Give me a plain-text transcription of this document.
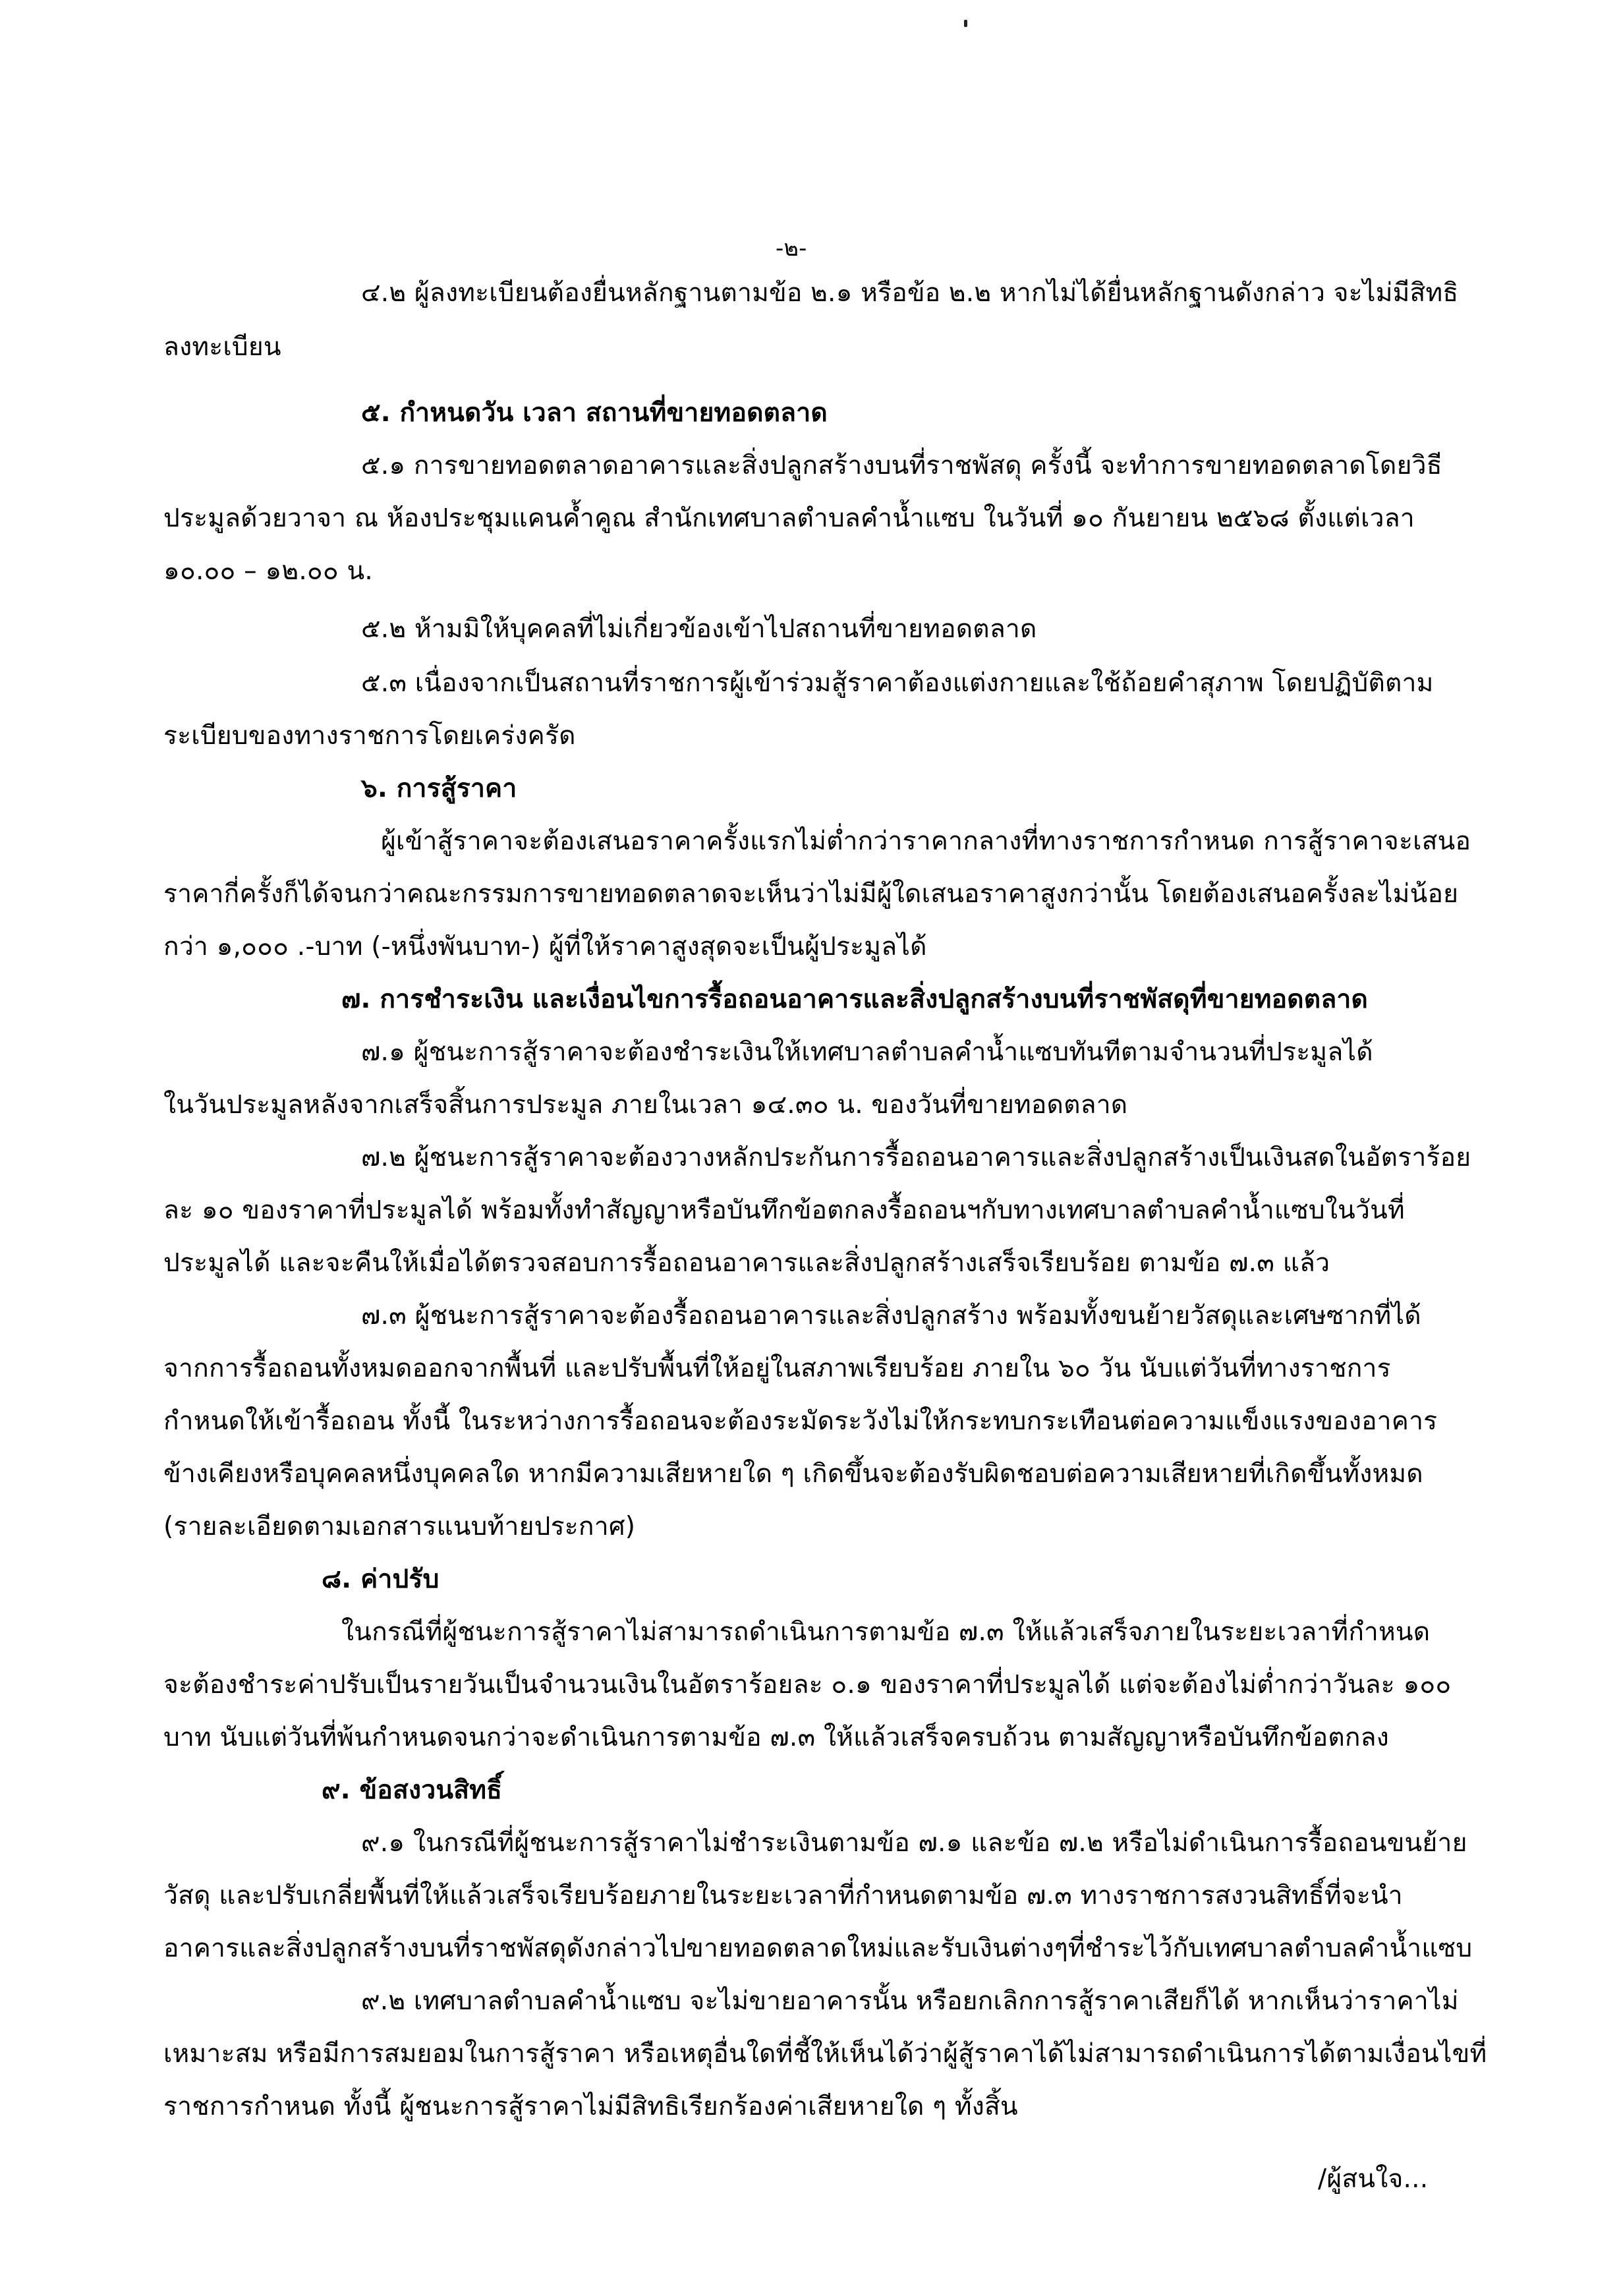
-๒-

๔.๒ ผู้ลงทะเบียนต้องยื่นหลักฐานตามข้อ ๒.๑ หรือข้อ ๒.๒ หากไม่ได้ยื่นหลักฐานดังกล่าว จะไม่มีสิทธิ

ลงทะเบียน

๕. กำหนดวัน เวลา สถานที่ขายทอดตลาด

๕.๑ การขายทอดตลาดอาคารและสิ่งปลูกสร้างบนที่ราชพัสดุ ครั้งนี้ จะทำการขายทอดตลาดโดยวิธี

ประมูลด้วยวาจา ณ ห้องประชุมแคนค้ำคูณ สำนักเทศบาลตำบลคำน้ำแซบ ในวันที่ ๑๐ กันยายน ๒๕๖๘ ตั้งแต่เวลา

๑๐.๐๐ – ๑๒.๐๐ น.

๕.๒ ห้ามมิให้บุคคลที่ไม่เกี่ยวข้องเข้าไปสถานที่ขายทอดตลาด

๕.๓ เนื่องจากเป็นสถานที่ราชการผู้เข้าร่วมสู้ราคาต้องแต่งกายและใช้ถ้อยคำสุภาพ โดยปฏิบัติตาม

ระเบียบของทางราชการโดยเคร่งครัด

๖. การสู้ราคา

ผู้เข้าสู้ราคาจะต้องเสนอราคาครั้งแรกไม่ต่ำกว่าราคากลางที่ทางราชการกำหนด การสู้ราคาจะเสนอ

ราคากี่ครั้งก็ได้จนกว่าคณะกรรมการขายทอดตลาดจะเห็นว่าไม่มีผู้ใดเสนอราคาสูงกว่านั้น โดยต้องเสนอครั้งละไม่น้อย

กว่า ๑,๐๐๐ .-บาท (-หนึ่งพันบาท-) ผู้ที่ให้ราคาสูงสุดจะเป็นผู้ประมูลได้

๗. การชำระเงิน และเงื่อนไขการรื้อถอนอาคารและสิ่งปลูกสร้างบนที่ราชพัสดุที่ขายทอดตลาด

๗.๑ ผู้ชนะการสู้ราคาจะต้องชำระเงินให้เทศบาลตำบลคำน้ำแซบทันทีตามจำนวนที่ประมูลได้

ในวันประมูลหลังจากเสร็จสิ้นการประมูล ภายในเวลา ๑๔.๓๐ น. ของวันที่ขายทอดตลาด

๗.๒ ผู้ชนะการสู้ราคาจะต้องวางหลักประกันการรื้อถอนอาคารและสิ่งปลูกสร้างเป็นเงินสดในอัตราร้อย

ละ ๑๐ ของราคาที่ประมูลได้ พร้อมทั้งทำสัญญาหรือบันทึกข้อตกลงรื้อถอนฯกับทางเทศบาลตำบลคำน้ำแซบในวันที่

ประมูลได้ และจะคืนให้เมื่อได้ตรวจสอบการรื้อถอนอาคารและสิ่งปลูกสร้างเสร็จเรียบร้อย ตามข้อ ๗.๓ แล้ว

๗.๓ ผู้ชนะการสู้ราคาจะต้องรื้อถอนอาคารและสิ่งปลูกสร้าง พร้อมทั้งขนย้ายวัสดุและเศษซากที่ได้

จากการรื้อถอนทั้งหมดออกจากพื้นที่ และปรับพื้นที่ให้อยู่ในสภาพเรียบร้อย ภายใน ๖๐ วัน นับแต่วันที่ทางราชการ

กำหนดให้เข้ารื้อถอน ทั้งนี้ ในระหว่างการรื้อถอนจะต้องระมัดระวังไม่ให้กระทบกระเทือนต่อความแข็งแรงของอาคาร

ข้างเคียงหรือบุคคลหนึ่งบุคคลใด หากมีความเสียหายใด ๆ เกิดขึ้นจะต้องรับผิดชอบต่อความเสียหายที่เกิดขึ้นทั้งหมด

(รายละเอียดตามเอกสารแนบท้ายประกาศ)

๘. ค่าปรับ

ในกรณีที่ผู้ชนะการสู้ราคาไม่สามารถดำเนินการตามข้อ ๗.๓ ให้แล้วเสร็จภายในระยะเวลาที่กำหนด

จะต้องชำระค่าปรับเป็นรายวันเป็นจำนวนเงินในอัตราร้อยละ ๐.๑ ของราคาที่ประมูลได้ แต่จะต้องไม่ต่ำกว่าวันละ ๑๐๐

บาท นับแต่วันที่พ้นกำหนดจนกว่าจะดำเนินการตามข้อ ๗.๓ ให้แล้วเสร็จครบถ้วน ตามสัญญาหรือบันทึกข้อตกลง

๙. ข้อสงวนสิทธิ์

๙.๑ ในกรณีที่ผู้ชนะการสู้ราคาไม่ชำระเงินตามข้อ ๗.๑ และข้อ ๗.๒ หรือไม่ดำเนินการรื้อถอนขนย้าย

วัสดุ และปรับเกลี่ยพื้นที่ให้แล้วเสร็จเรียบร้อยภายในระยะเวลาที่กำหนดตามข้อ ๗.๓ ทางราชการสงวนสิทธิ์ที่จะนำ

อาคารและสิ่งปลูกสร้างบนที่ราชพัสดุดังกล่าวไปขายทอดตลาดใหม่และรับเงินต่างๆที่ชำระไว้กับเทศบาลตำบลคำน้ำแซบ

๙.๒ เทศบาลตำบลคำน้ำแซบ จะไม่ขายอาคารนั้น หรือยกเลิกการสู้ราคาเสียก็ได้ หากเห็นว่าราคาไม่

เหมาะสม หรือมีการสมยอมในการสู้ราคา หรือเหตุอื่นใดที่ชี้ให้เห็นได้ว่าผู้สู้ราคาได้ไม่สามารถดำเนินการได้ตามเงื่อนไขที่

ราชการกำหนด ทั้งนี้ ผู้ชนะการสู้ราคาไม่มีสิทธิเรียกร้องค่าเสียหายใด ๆ ทั้งสิ้น

/ผู้สนใจ...
